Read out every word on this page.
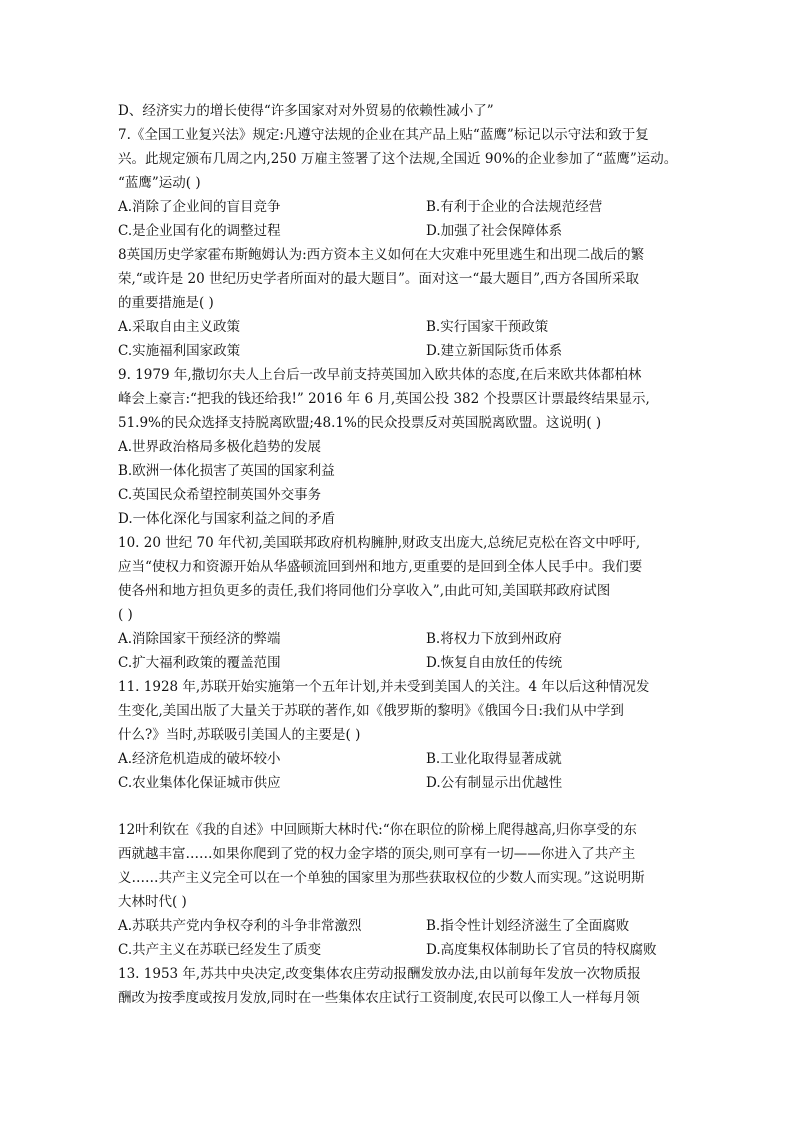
D、经济实力的增长使得“许多国家对对外贸易的依赖性减小了”
7.《全国工业复兴法》规定:凡遵守法规的企业在其产品上贴“蓝鹰”标记以示守法和致于复
兴。此规定颁布几周之内,250 万雇主签署了这个法规,全国近 90%的企业参加了“蓝鹰”运动。
“蓝鹰”运动( )
A.消除了企业间的盲目竞争	B.有利于企业的合法规范经营
C.是企业国有化的调整过程	D.加强了社会保障体系
8英国历史学家霍布斯鲍姆认为:西方资本主义如何在大灾难中死里逃生和出现二战后的繁
荣,“或许是 20 世纪历史学者所面对的最大题目”。面对这一“最大题目”,西方各国所采取
的重要措施是( )
A.采取自由主义政策	B.实行国家干预政策
C.实施福利国家政策	D.建立新国际货币体系
9. 1979 年,撒切尔夫人上台后一改早前支持英国加入欧共体的态度,在后来欧共体都柏林
峰会上豪言:“把我的钱还给我!” 2016 年 6 月,英国公投 382 个投票区计票最终结果显示,
51.9%的民众选择支持脱离欧盟;48.1%的民众投票反对英国脱离欧盟。这说明( )
A.世界政治格局多极化趋势的发展
B.欧洲一体化损害了英国的国家利益
C.英国民众希望控制英国外交事务
D.一体化深化与国家利益之间的矛盾
10. 20 世纪 70 年代初,美国联邦政府机构臃肿,财政支出庞大,总统尼克松在咨文中呼吁,
应当“使权力和资源开始从华盛顿流回到州和地方,更重要的是回到全体人民手中。我们要
使各州和地方担负更多的责任,我们将同他们分享收入”,由此可知,美国联邦政府试图
( )
A.消除国家干预经济的弊端	B.将权力下放到州政府
C.扩大福利政策的覆盖范围	D.恢复自由放任的传统
11. 1928 年,苏联开始实施第一个五年计划,并未受到美国人的关注。4 年以后这种情况发
生变化,美国出版了大量关于苏联的著作,如《俄罗斯的黎明》《俄国今日:我们从中学到
什么?》当时,苏联吸引美国人的主要是( )
A.经济危机造成的破坏较小	B.工业化取得显著成就
C.农业集体化保证城市供应	D.公有制显示出优越性
12叶利钦在《我的自述》中回顾斯大林时代:“你在职位的阶梯上爬得越高,归你享受的东
西就越丰富……如果你爬到了党的权力金字塔的顶尖,则可享有一切——你进入了共产主
义……共产主义完全可以在一个单独的国家里为那些获取权位的少数人而实现。”这说明斯
大林时代( )
A.苏联共产党内争权夺利的斗争非常激烈	B.指令性计划经济滋生了全面腐败
C.共产主义在苏联已经发生了质变	D.高度集权体制助长了官员的特权腐败
13. 1953 年,苏共中央决定,改变集体农庄劳动报酬发放办法,由以前每年发放一次物质报
酬改为按季度或按月发放,同时在一些集体农庄试行工资制度,农民可以像工人一样每月领
